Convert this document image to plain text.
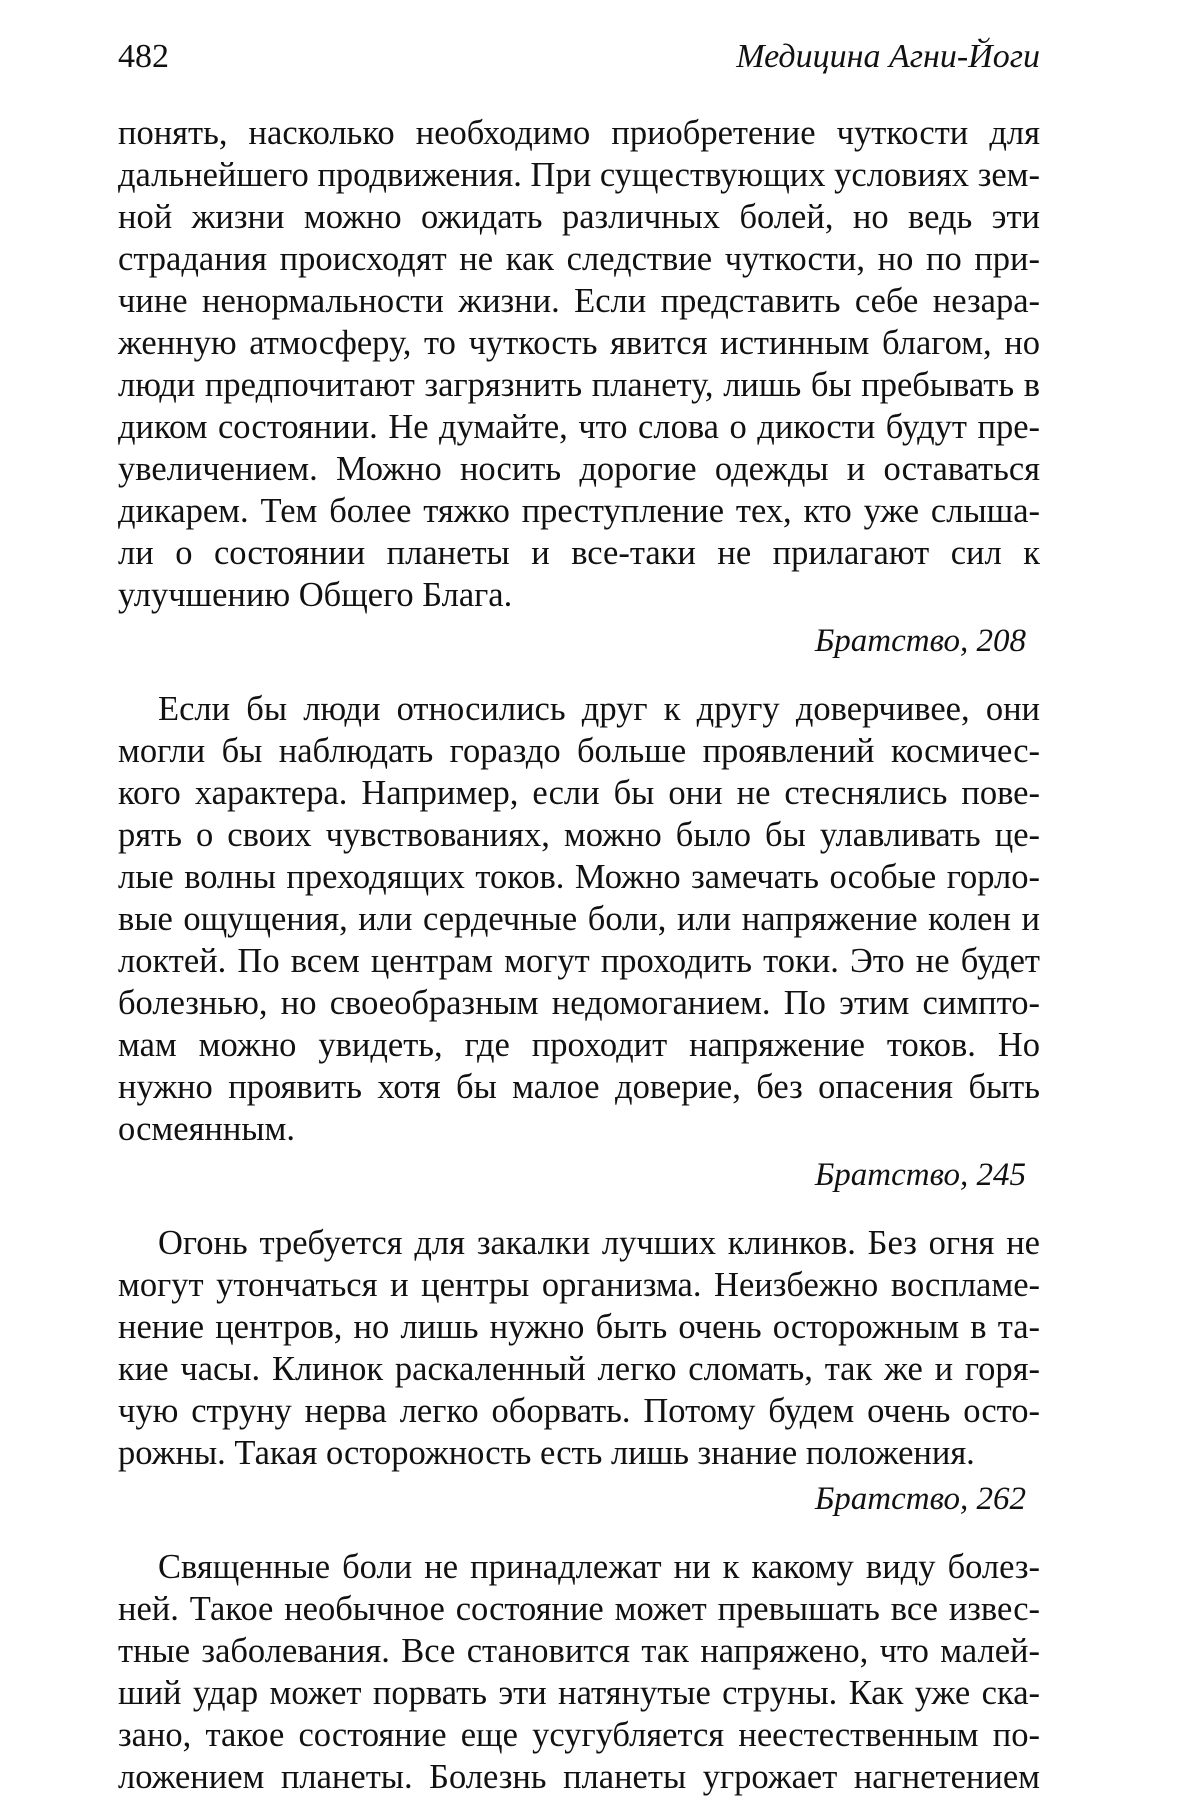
482	Медицина Агни-Йоги
понять, насколько необходимо приобретение чуткости для
дальнейшего продвижения. При существующих условиях зем-
ной жизни можно ожидать различных болей, но ведь эти
страдания происходят не как следствие чуткости, но по при-
чине ненормальности жизни. Если представить себе незара-
женную атмосферу, то чуткость явится истинным благом, но
люди предпочитают загрязнить планету, лишь бы пребывать в
диком состоянии. Не думайте, что слова о дикости будут пре-
увеличением. Можно носить дорогие одежды и оставаться
дикарем. Тем более тяжко преступление тех, кто уже слыша-
ли о состоянии планеты и все-таки не прилагают сил к
улучшению Общего Блага.
Братство, 208
Если бы люди относились друг к другу доверчивее, они
могли бы наблюдать гораздо больше проявлений космичес-
кого характера. Например, если бы они не стеснялись пове-
рять о своих чувствованиях, можно было бы улавливать це-
лые волны преходящих токов. Можно замечать особые горло-
вые ощущения, или сердечные боли, или напряжение колен и
локтей. По всем центрам могут проходить токи. Это не будет
болезнью, но своеобразным недомоганием. По этим симпто-
мам можно увидеть, где проходит напряжение токов. Но
нужно проявить хотя бы малое доверие, без опасения быть
осмеянным.
Братство, 245
Огонь требуется для закалки лучших клинков. Без огня не
могут утончаться и центры организма. Неизбежно воспламе-
нение центров, но лишь нужно быть очень осторожным в та-
кие часы. Клинок раскаленный легко сломать, так же и горя-
чую струну нерва легко оборвать. Потому будем очень осто-
рожны. Такая осторожность есть лишь знание положения.
Братство, 262
Священные боли не принадлежат ни к какому виду болез-
ней. Такое необычное состояние может превышать все извес-
тные заболевания. Все становится так напряжено, что малей-
ший удар может порвать эти натянутые струны. Как уже ска-
зано, такое состояние еще усугубляется неестественным по-
ложением планеты. Болезнь планеты угрожает нагнетением
